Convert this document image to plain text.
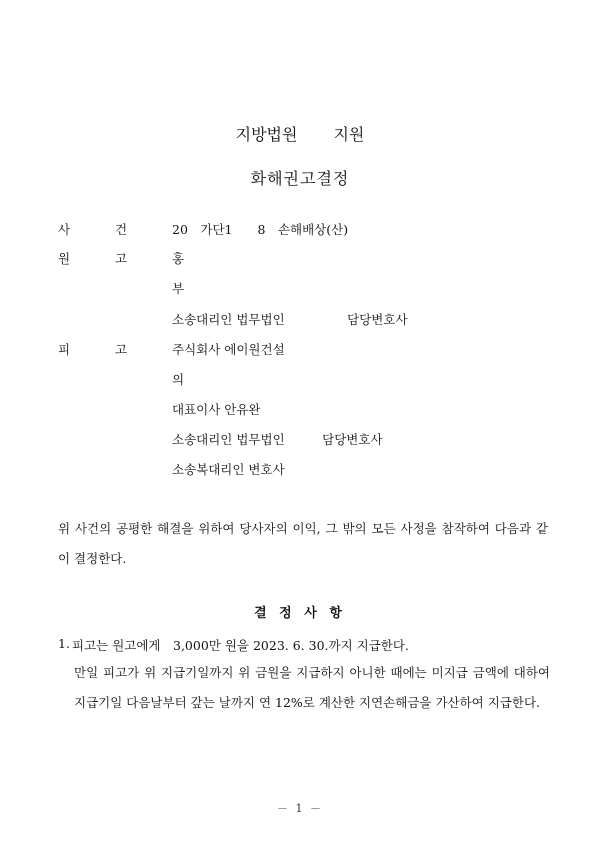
지방법원 지원
화해권고결정
사	건	20　가단1　　8　손해배상(산)
원	고	홍
부
소송대리인 법무법인　　　　　담당변호사
피	고	주식회사 에이원건설
의
대표이사 안유완
소송대리인 법무법인　　　담당변호사
소송복대리인 변호사
위 사건의 공평한 해결을 위하여 당사자의 이익, 그 밖의 모든 사정을 참작하여 다음과 같이 결정한다.
결 정 사 항
1. 피고는 원고에게　3,000만 원을 2023. 6. 30.까지 지급한다.
만일 피고가 위 지급기일까지 위 금원을 지급하지 아니한 때에는 미지급 금액에 대하여 지급기일 다음날부터 갚는 날까지 연 12%로 계산한 지연손해금을 가산하여 지급한다.
－ 1 －
